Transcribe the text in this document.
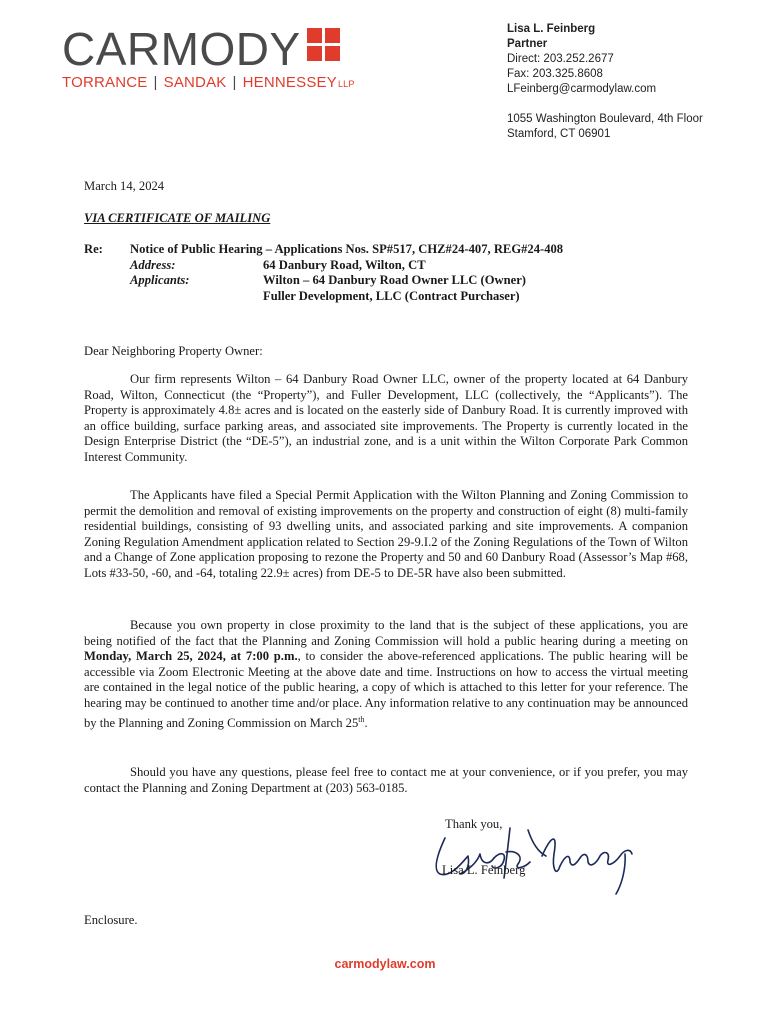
CARMODY
TORRANCE | SANDAK | HENNESSEYLLP
Lisa L. Feinberg
Partner
Direct: 203.252.2677
Fax: 203.325.8608
LFeinberg@carmodylaw.com
1055 Washington Boulevard, 4th Floor
Stamford, CT 06901
March 14, 2024
VIA CERTIFICATE OF MAILING
Re:	Notice of Public Hearing – Applications Nos. SP#517, CHZ#24-407, REG#24-408
Address:	64 Danbury Road, Wilton, CT
Applicants:	Wilton – 64 Danbury Road Owner LLC (Owner)
Fuller Development, LLC (Contract Purchaser)
Dear Neighboring Property Owner:

Our firm represents Wilton – 64 Danbury Road Owner LLC, owner of the property located at 64 Danbury Road, Wilton, Connecticut (the “Property”), and Fuller Development, LLC (collectively, the “Applicants”). The Property is approximately 4.8± acres and is located on the easterly side of Danbury Road. It is currently improved with an office building, surface parking areas, and associated site improvements. The Property is currently located in the Design Enterprise District (the “DE-5”), an industrial zone, and is a unit within the Wilton Corporate Park Common Interest Community.

The Applicants have filed a Special Permit Application with the Wilton Planning and Zoning Commission to permit the demolition and removal of existing improvements on the property and construction of eight (8) multi-family residential buildings, consisting of 93 dwelling units, and associated parking and site improvements. A companion Zoning Regulation Amendment application related to Section 29-9.I.2 of the Zoning Regulations of the Town of Wilton and a Change of Zone application proposing to rezone the Property and 50 and 60 Danbury Road (Assessor’s Map #68, Lots #33-50, -60, and -64, totaling 22.9± acres) from DE-5 to DE-5R have also been submitted.

Because you own property in close proximity to the land that is the subject of these applications, you are being notified of the fact that the Planning and Zoning Commission will hold a public hearing during a meeting on Monday, March 25, 2024, at 7:00 p.m., to consider the above-referenced applications. The public hearing will be accessible via Zoom Electronic Meeting at the above date and time. Instructions on how to access the virtual meeting are contained in the legal notice of the public hearing, a copy of which is attached to this letter for your reference. The hearing may be continued to another time and/or place. Any information relative to any continuation may be announced by the Planning and Zoning Commission on March 25th.

Should you have any questions, please feel free to contact me at your convenience, or if you prefer, you may contact the Planning and Zoning Department at (203) 563-0185.

Thank you,
Lisa L. Feinberg
Enclosure.
carmodylaw.com
